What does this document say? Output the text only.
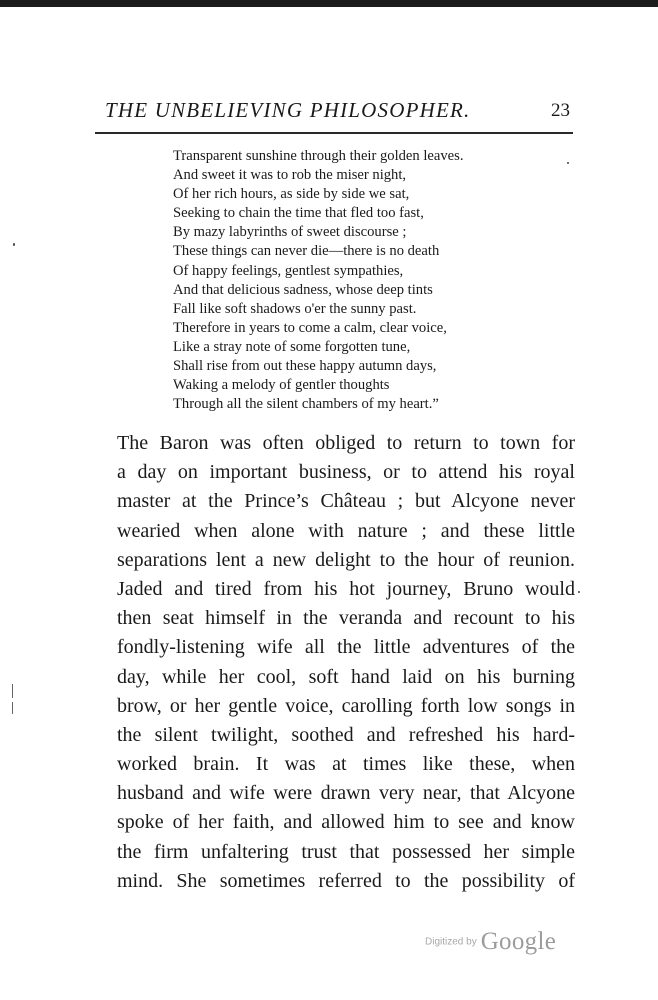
THE UNBELIEVING PHILOSOPHER.	23
Transparent sunshine through their golden leaves.
And sweet it was to rob the miser night,
Of her rich hours, as side by side we sat,
Seeking to chain the time that fled too fast,
By mazy labyrinths of sweet discourse ;
These things can never die—there is no death
Of happy feelings, gentlest sympathies,
And that delicious sadness, whose deep tints
Fall like soft shadows o'er the sunny past.
Therefore in years to come a calm, clear voice,
Like a stray note of some forgotten tune,
Shall rise from out these happy autumn days,
Waking a melody of gentler thoughts
Through all the silent chambers of my heart.”
The Baron was often obliged to return to town for
a day on important business, or to attend his royal
master at the Prince’s Château ; but Alcyone never
wearied when alone with nature ; and these little
separations lent a new delight to the hour of reunion.
Jaded and tired from his hot journey, Bruno would
then seat himself in the veranda and recount to his
fondly-listening wife all the little adventures of the
day, while her cool, soft hand laid on his burning
brow, or her gentle voice, carolling forth low songs in
the silent twilight, soothed and refreshed his hard-
worked brain. It was at times like these, when
husband and wife were drawn very near, that Alcyone
spoke of her faith, and allowed him to see and know
the firm unfaltering trust that possessed her simple
mind. She sometimes referred to the possibility of
Digitized by Google
